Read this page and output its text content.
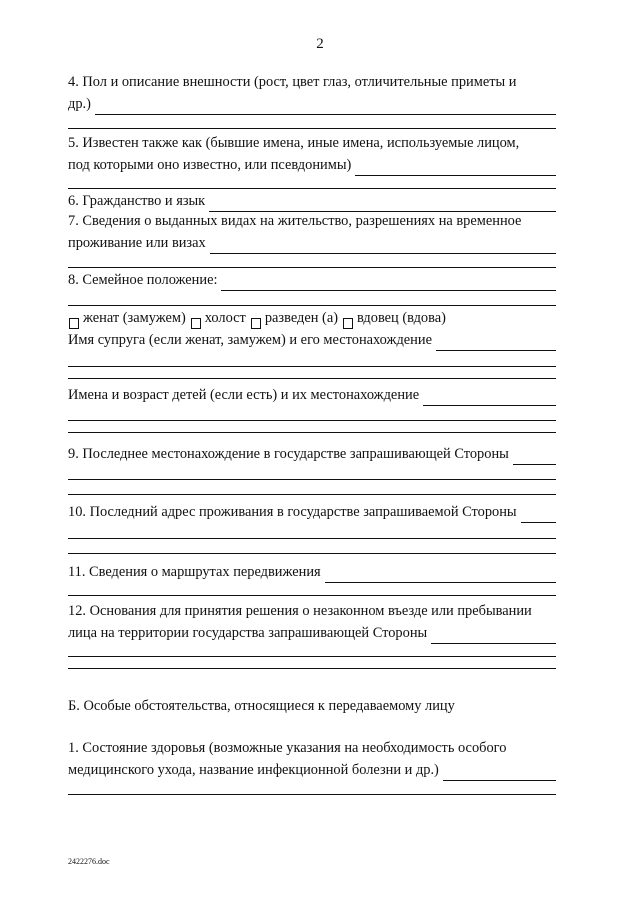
2
4. Пол и описание внешности (рост, цвет глаз, отличительные приметы и
др.)
5. Известен также как (бывшие имена, иные имена, используемые лицом,
под которыми оно известно, или псевдонимы)
6. Гражданство и язык
7. Сведения о выданных видах на жительство, разрешениях на временное
проживание или визах
8. Семейное положение:
женат (замужем) холост разведен (а) вдовец (вдова)
Имя супруга (если женат, замужем) и его местонахождение
Имена и возраст детей (если есть) и их местонахождение
9. Последнее местонахождение в государстве запрашивающей Стороны
10. Последний адрес проживания в государстве запрашиваемой Стороны
11. Сведения о маршрутах передвижения
12. Основания для принятия решения о незаконном въезде или пребывании
лица на территории государства запрашивающей Стороны
Б. Особые обстоятельства, относящиеся к передаваемому лицу
1. Состояние здоровья (возможные указания на необходимость особого
медицинского ухода, название инфекционной болезни и др.)
2422276.doc
